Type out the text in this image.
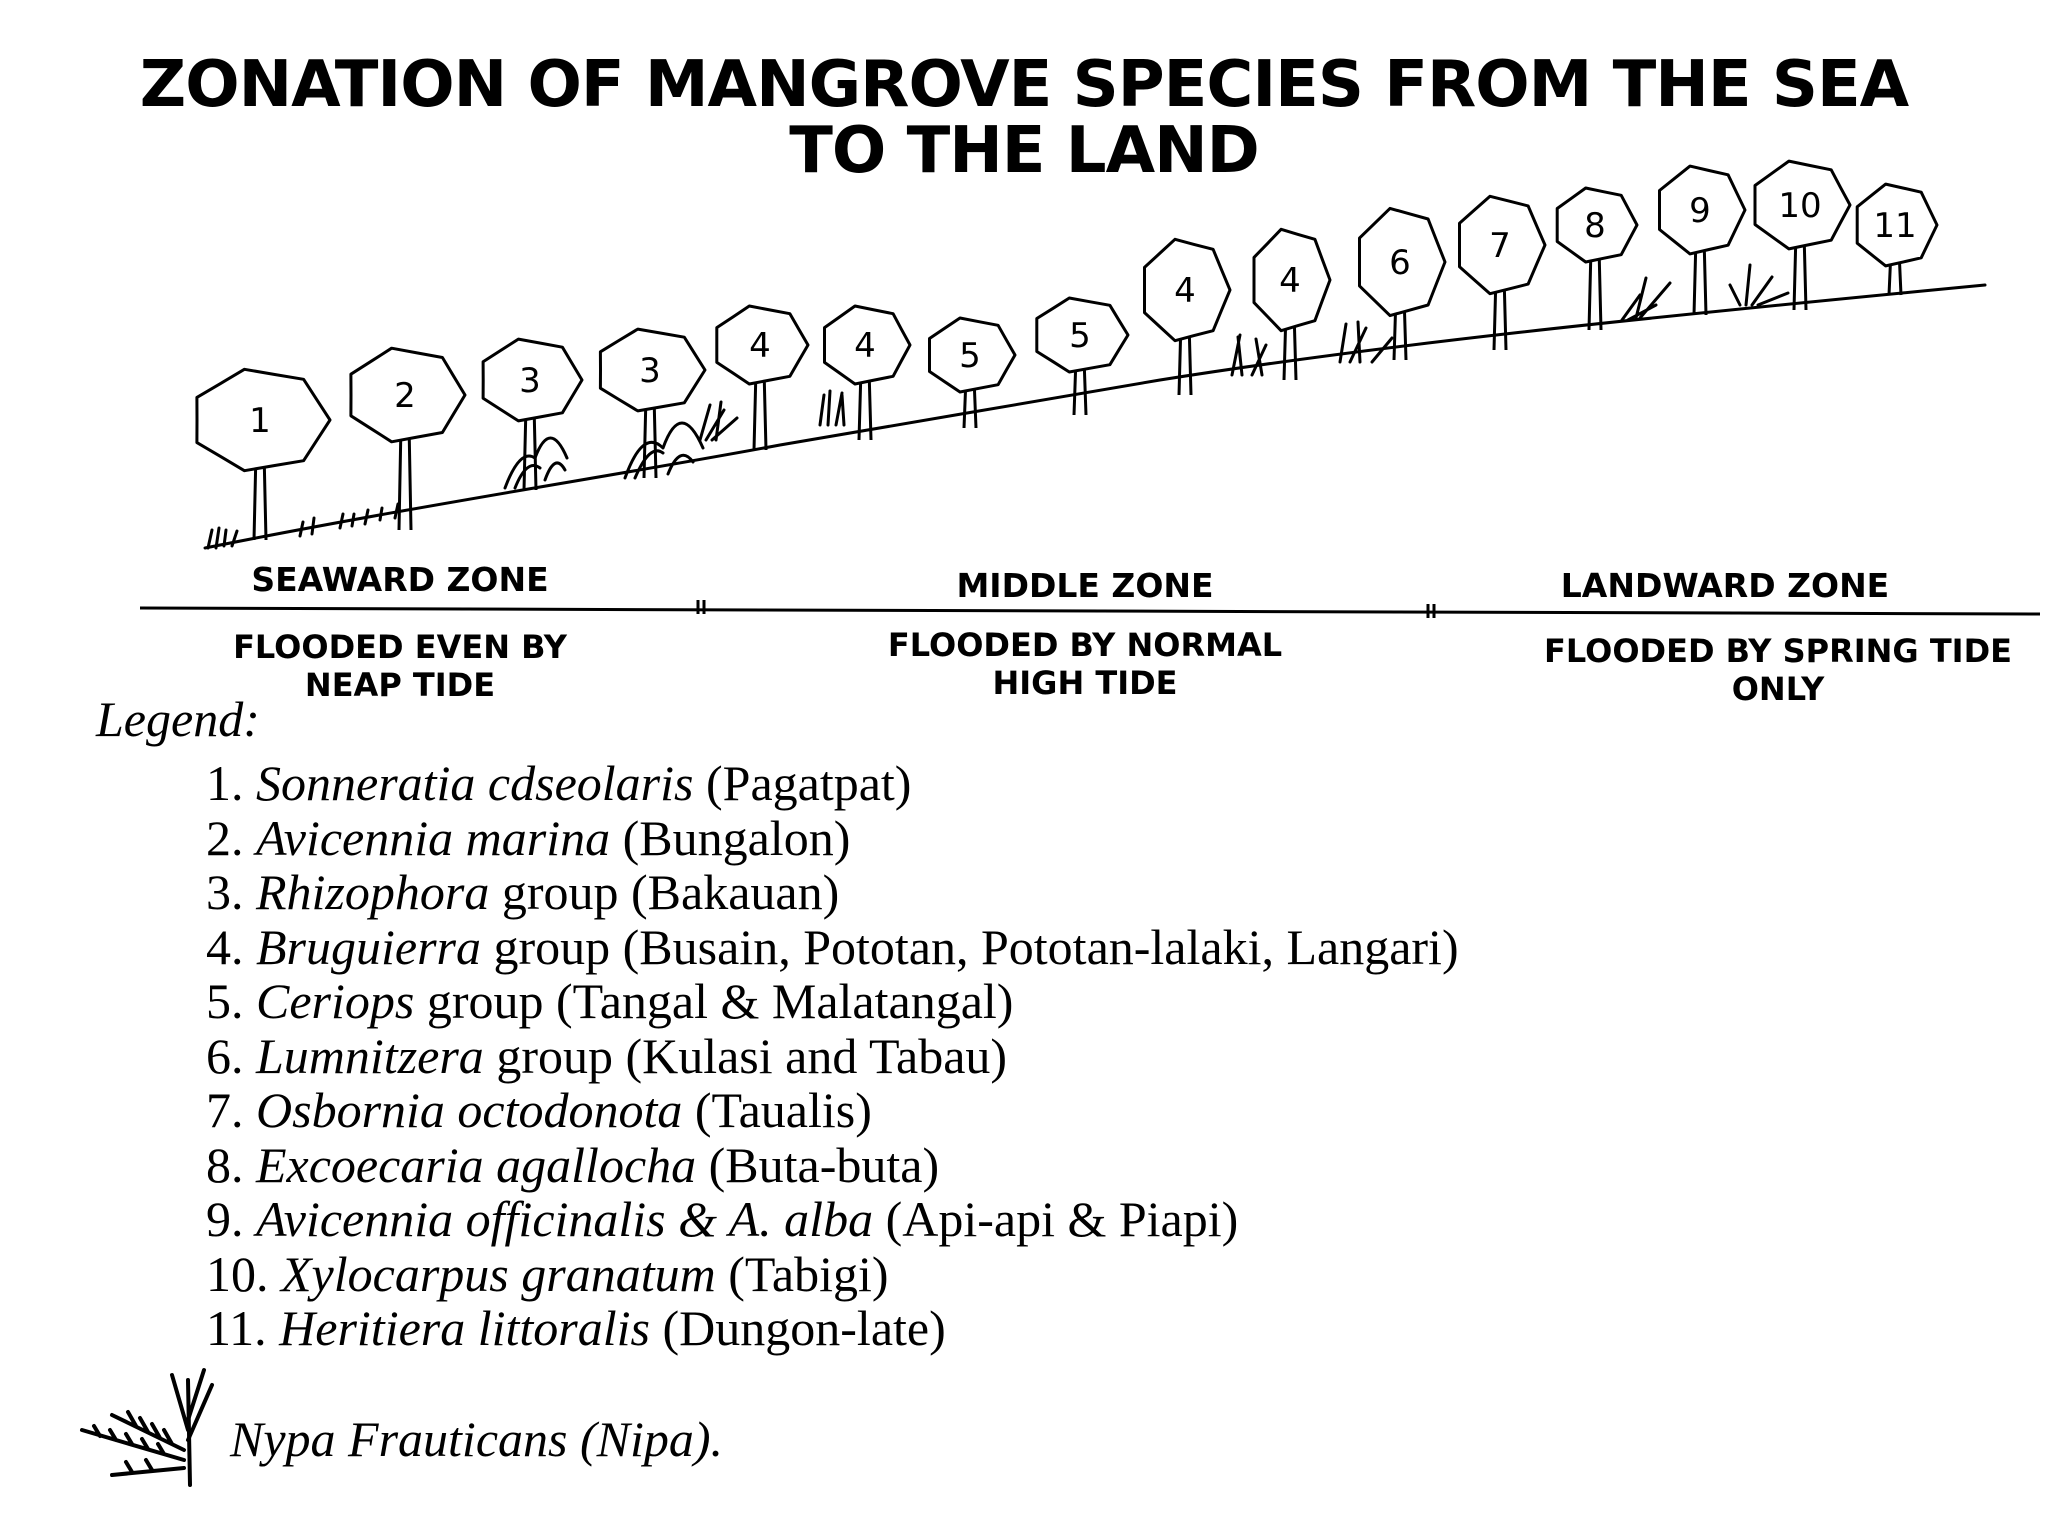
ZONATION OF MANGROVE SPECIES FROM THE SEA
TO THE LAND
1
2	3	3
4 4 5	5
4 4	6 7 8 9 10 11
SEAWARD ZONE	MIDDLE ZONE	LANDWARD ZONE
FLOODED EVEN BY
NEAP TIDE
FLOODED BY NORMAL
HIGH TIDE
FLOODED BY SPRING TIDE
ONLY
Legend:
1. Sonneratia cdseolaris (Pagatpat)
2. Avicennia marina (Bungalon)
3. Rhizophora group (Bakauan)
4. Bruguierra group (Busain, Pototan, Pototan-lalaki, Langari)
5. Ceriops group (Tangal & Malatangal)
6. Lumnitzera group (Kulasi and Tabau)
7. Osbornia octodonota (Taualis)
8. Excoecaria agallocha (Buta-buta)
9. Avicennia officinalis & A. alba (Api-api & Piapi)
10. Xylocarpus granatum (Tabigi)
11. Heritiera littoralis (Dungon-late)
Nypa Frauticans (Nipa).
